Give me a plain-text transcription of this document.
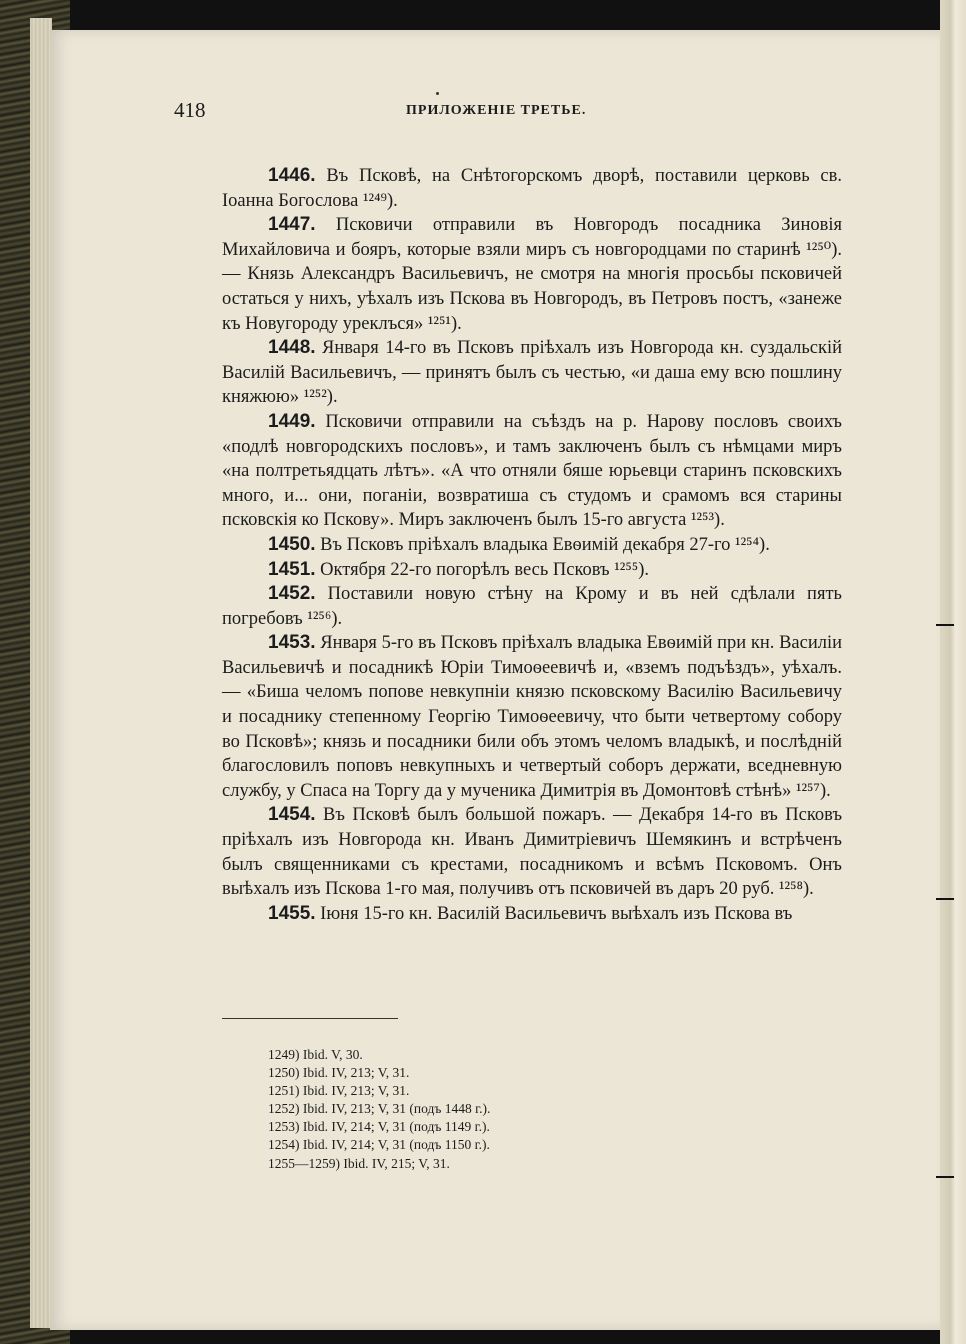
418	ПРИЛОЖЕНІЕ ТРЕТЬЕ.

1446. Въ Псковѣ, на Снѣтогорскомъ дворѣ, поставили церковь св. Іоанна Богослова ¹²⁴⁹).

1447. Псковичи отправили въ Новгородъ посадника Зиновія Михайловича и бояръ, которые взяли миръ съ новгородцами по старинѣ ¹²⁵⁰). — Князь Александръ Васильевичъ, не смотря на многія просьбы псковичей остаться у нихъ, уѣхалъ изъ Пскова въ Новгородъ, въ Петровъ постъ, «занеже къ Новугороду уреклъся» ¹²⁵¹).

1448. Января 14-го въ Псковъ пріѣхалъ изъ Новгорода кн. суздальскій Василій Васильевичъ, — принятъ былъ съ честью, «и даша ему всю пошлину княжюю» ¹²⁵²).

1449. Псковичи отправили на съѣздъ на р. Нарову пословъ своихъ «подлѣ новгородскихъ пословъ», и тамъ заключенъ былъ съ нѣмцами миръ «на полтретьядцать лѣтъ». «А что отняли бяше юрьевци старинъ псковскихъ много, и... они, поганіи, возвратиша съ студомъ и срамомъ вся старины псковскія ко Пскову». Миръ заключенъ былъ 15-го августа ¹²⁵³).

1450. Въ Псковъ пріѣхалъ владыка Евѳимій декабря 27-го ¹²⁵⁴).

1451. Октября 22-го погорѣлъ весь Псковъ ¹²⁵⁵).

1452. Поставили новую стѣну на Крому и въ ней сдѣлали пять погребовъ ¹²⁵⁶).

1453. Января 5-го въ Псковъ пріѣхалъ владыка Евѳимій при кн. Василіи Васильевичѣ и посадникѣ Юріи Тимоѳеевичѣ и, «вземъ подъѣздъ», уѣхалъ. — «Биша челомъ попове невкупніи князю псковскому Василію Васильевичу и посаднику степенному Георгію Тимоѳеевичу, что быти четвертому собору во Псковѣ»; князь и посадники били объ этомъ челомъ владыкѣ, и послѣдній благословилъ поповъ невкупныхъ и четвертый соборъ держати, вседневную службу, у Спаса на Торгу да у мученика Димитрія въ Домонтовѣ стѣнѣ» ¹²⁵⁷).

1454. Въ Псковѣ былъ большой пожаръ. — Декабря 14-го въ Псковъ пріѣхалъ изъ Новгорода кн. Иванъ Димитріевичъ Шемякинъ и встрѣченъ былъ священниками съ крестами, посадникомъ и всѣмъ Псковомъ. Онъ выѣхалъ изъ Пскова 1-го мая, получивъ отъ псковичей въ даръ 20 руб. ¹²⁵⁸).

1455. Іюня 15-го кн. Василій Васильевичъ выѣхалъ изъ Пскова въ

1249) Ibid. V, 30.
1250) Ibid. IV, 213; V, 31.
1251) Ibid. IV, 213; V, 31.
1252) Ibid. IV, 213; V, 31 (подъ 1448 г.).
1253) Ibid. IV, 214; V, 31 (подъ 1149 г.).
1254) Ibid. IV, 214; V, 31 (подъ 1150 г.).
1255—1259) Ibid. IV, 215; V, 31.
